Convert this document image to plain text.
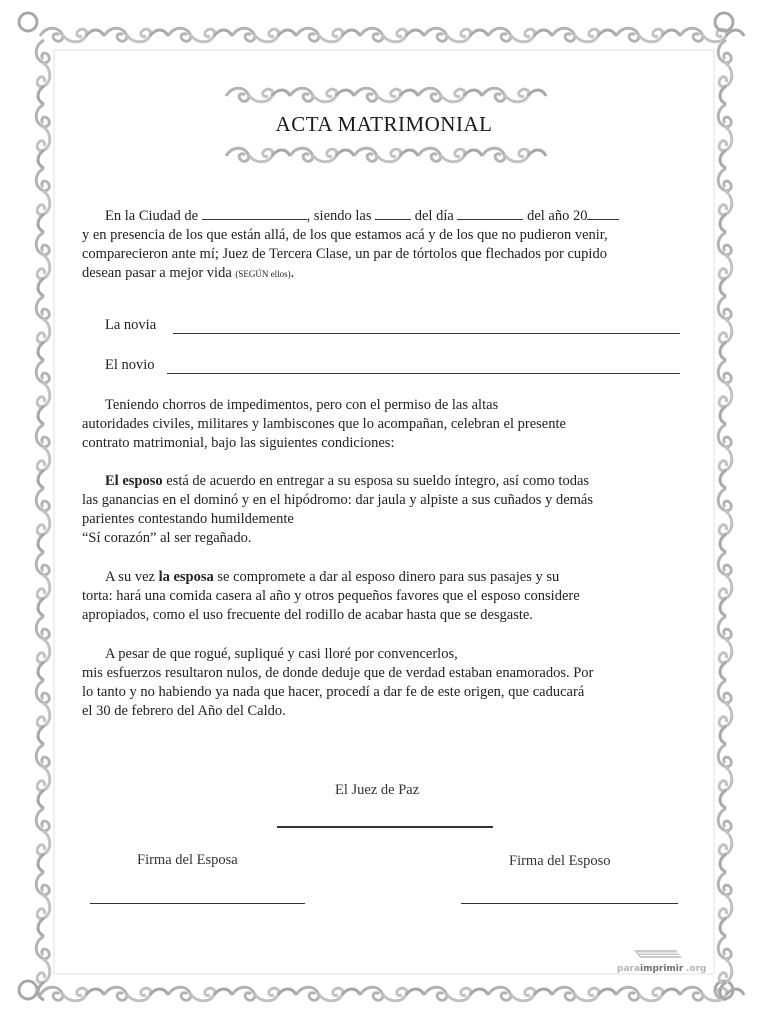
ACTA MATRIMONIAL
En la Ciudad de	, siendo las  del día	del año 20
y en presencia de los que están allá, de los que estamos acá y de los que no pudieron venir,
comparecieron ante mí; Juez de Tercera Clase, un par de tórtolos que flechados por cupido
desean pasar a mejor vida (SEGÚN ellos).
La novia
El novio
Teniendo chorros de impedimentos, pero con el permiso de las altas
autoridades civiles, militares y lambiscones que lo acompañan, celebran el presente
contrato matrimonial, bajo las siguientes condiciones:
El esposo está de acuerdo en entregar a su esposa su sueldo íntegro, así como todas
las ganancias en el dominó y en el hipódromo: dar jaula y alpiste a sus cuñados y demás
parientes contestando humildemente
“Sí corazón” al ser regañado.
A su vez la esposa se compromete a dar al esposo dinero para sus pasajes y su
torta: hará una comida casera al año y otros pequeños favores que el esposo considere
apropiados, como el uso frecuente del rodillo de acabar hasta que se desgaste.
A pesar de que rogué, supliqué y casi lloré por convencerlos,
mis esfuerzos resultaron nulos, de donde deduje que de verdad estaban enamorados. Por
lo tanto y no habiendo ya nada que hacer, procedí a dar fe de este origen, que caducará
el 30 de febrero del Año del Caldo.
El Juez de Paz
Firma del Esposa	Firma del Esposo
para imprimir .org
